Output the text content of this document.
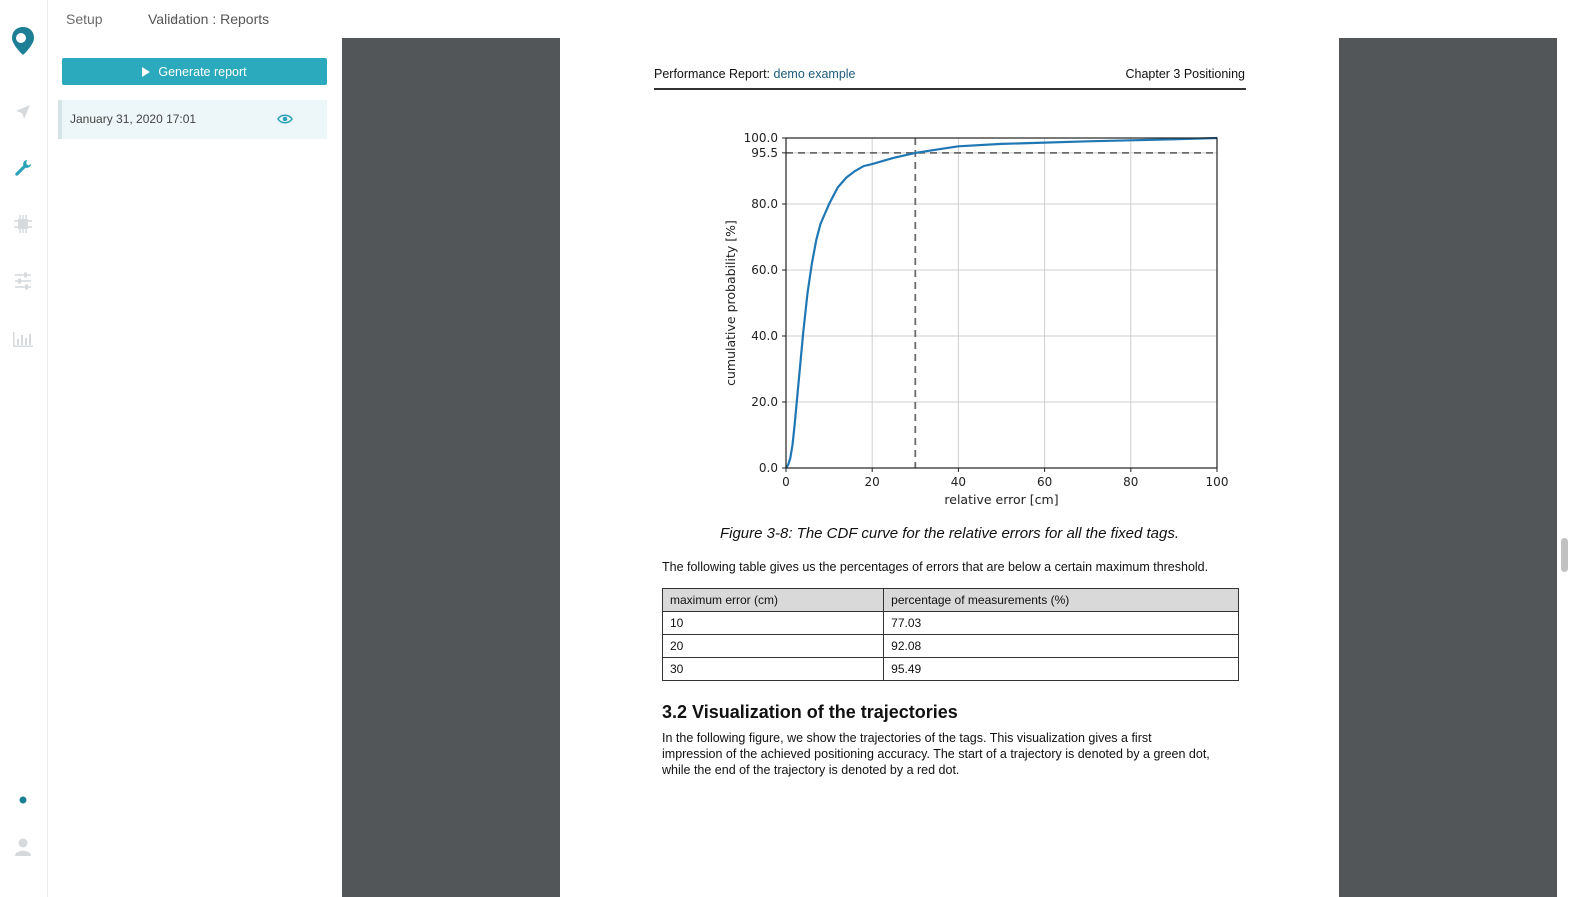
Setup	Validation : Reports
Generate report
January 31, 2020 17:01
Performance Report: demo example	Chapter 3 Positioning
0	20	40	60	80	100
0.0
20.0
40.0
60.0
80.0
95.5
100.0
relative error [cm]
cumulative probability [%]
Figure 3-8: The CDF curve for the relative errors for all the fixed tags.
The following table gives us the percentages of errors that are below a certain maximum threshold.
maximum error (cm)	percentage of measurements (%)
10	77.03
20	92.08
30	95.49
3.2 Visualization of the trajectories
In the following figure, we show the trajectories of the tags. This visualization gives a first
impression of the achieved positioning accuracy. The start of a trajectory is denoted by a green dot,
while the end of the trajectory is denoted by a red dot.
